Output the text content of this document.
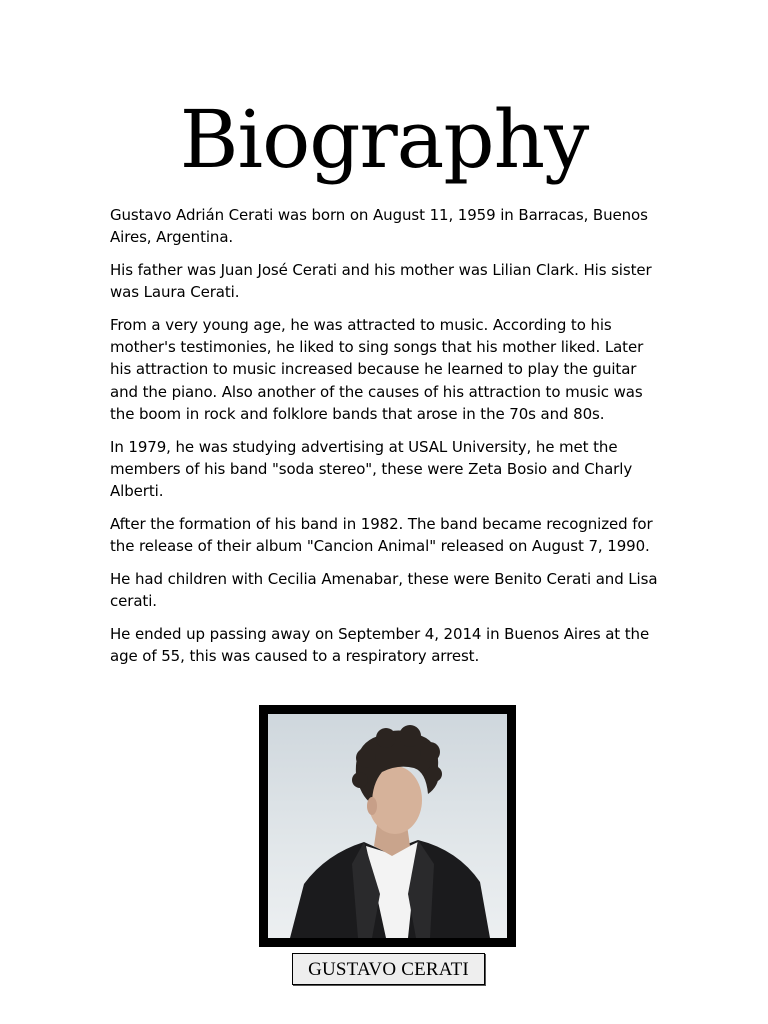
Biography

Gustavo Adrián Cerati was born on August 11, 1959 in Barracas, Buenos Aires, Argentina.

His father was Juan José Cerati and his mother was Lilian Clark. His sister was Laura Cerati.

From a very young age, he was attracted to music. According to his mother's testimonies, he liked to sing songs that his mother liked. Later his attraction to music increased because he learned to play the guitar and the piano. Also another of the causes of his attraction to music was the boom in rock and folklore bands that arose in the 70s and 80s.

In 1979, he was studying advertising at USAL University, he met the members of his band "soda stereo", these were Zeta Bosio and Charly Alberti.

After the formation of his band in 1982. The band became recognized for the release of their album "Cancion Animal" released on August 7, 1990.

He had children with Cecilia Amenabar, these were Benito Cerati and Lisa cerati.

He ended up passing away on September 4, 2014 in Buenos Aires at the age of 55, this was caused to a respiratory arrest.

GUSTAVO CERATI
